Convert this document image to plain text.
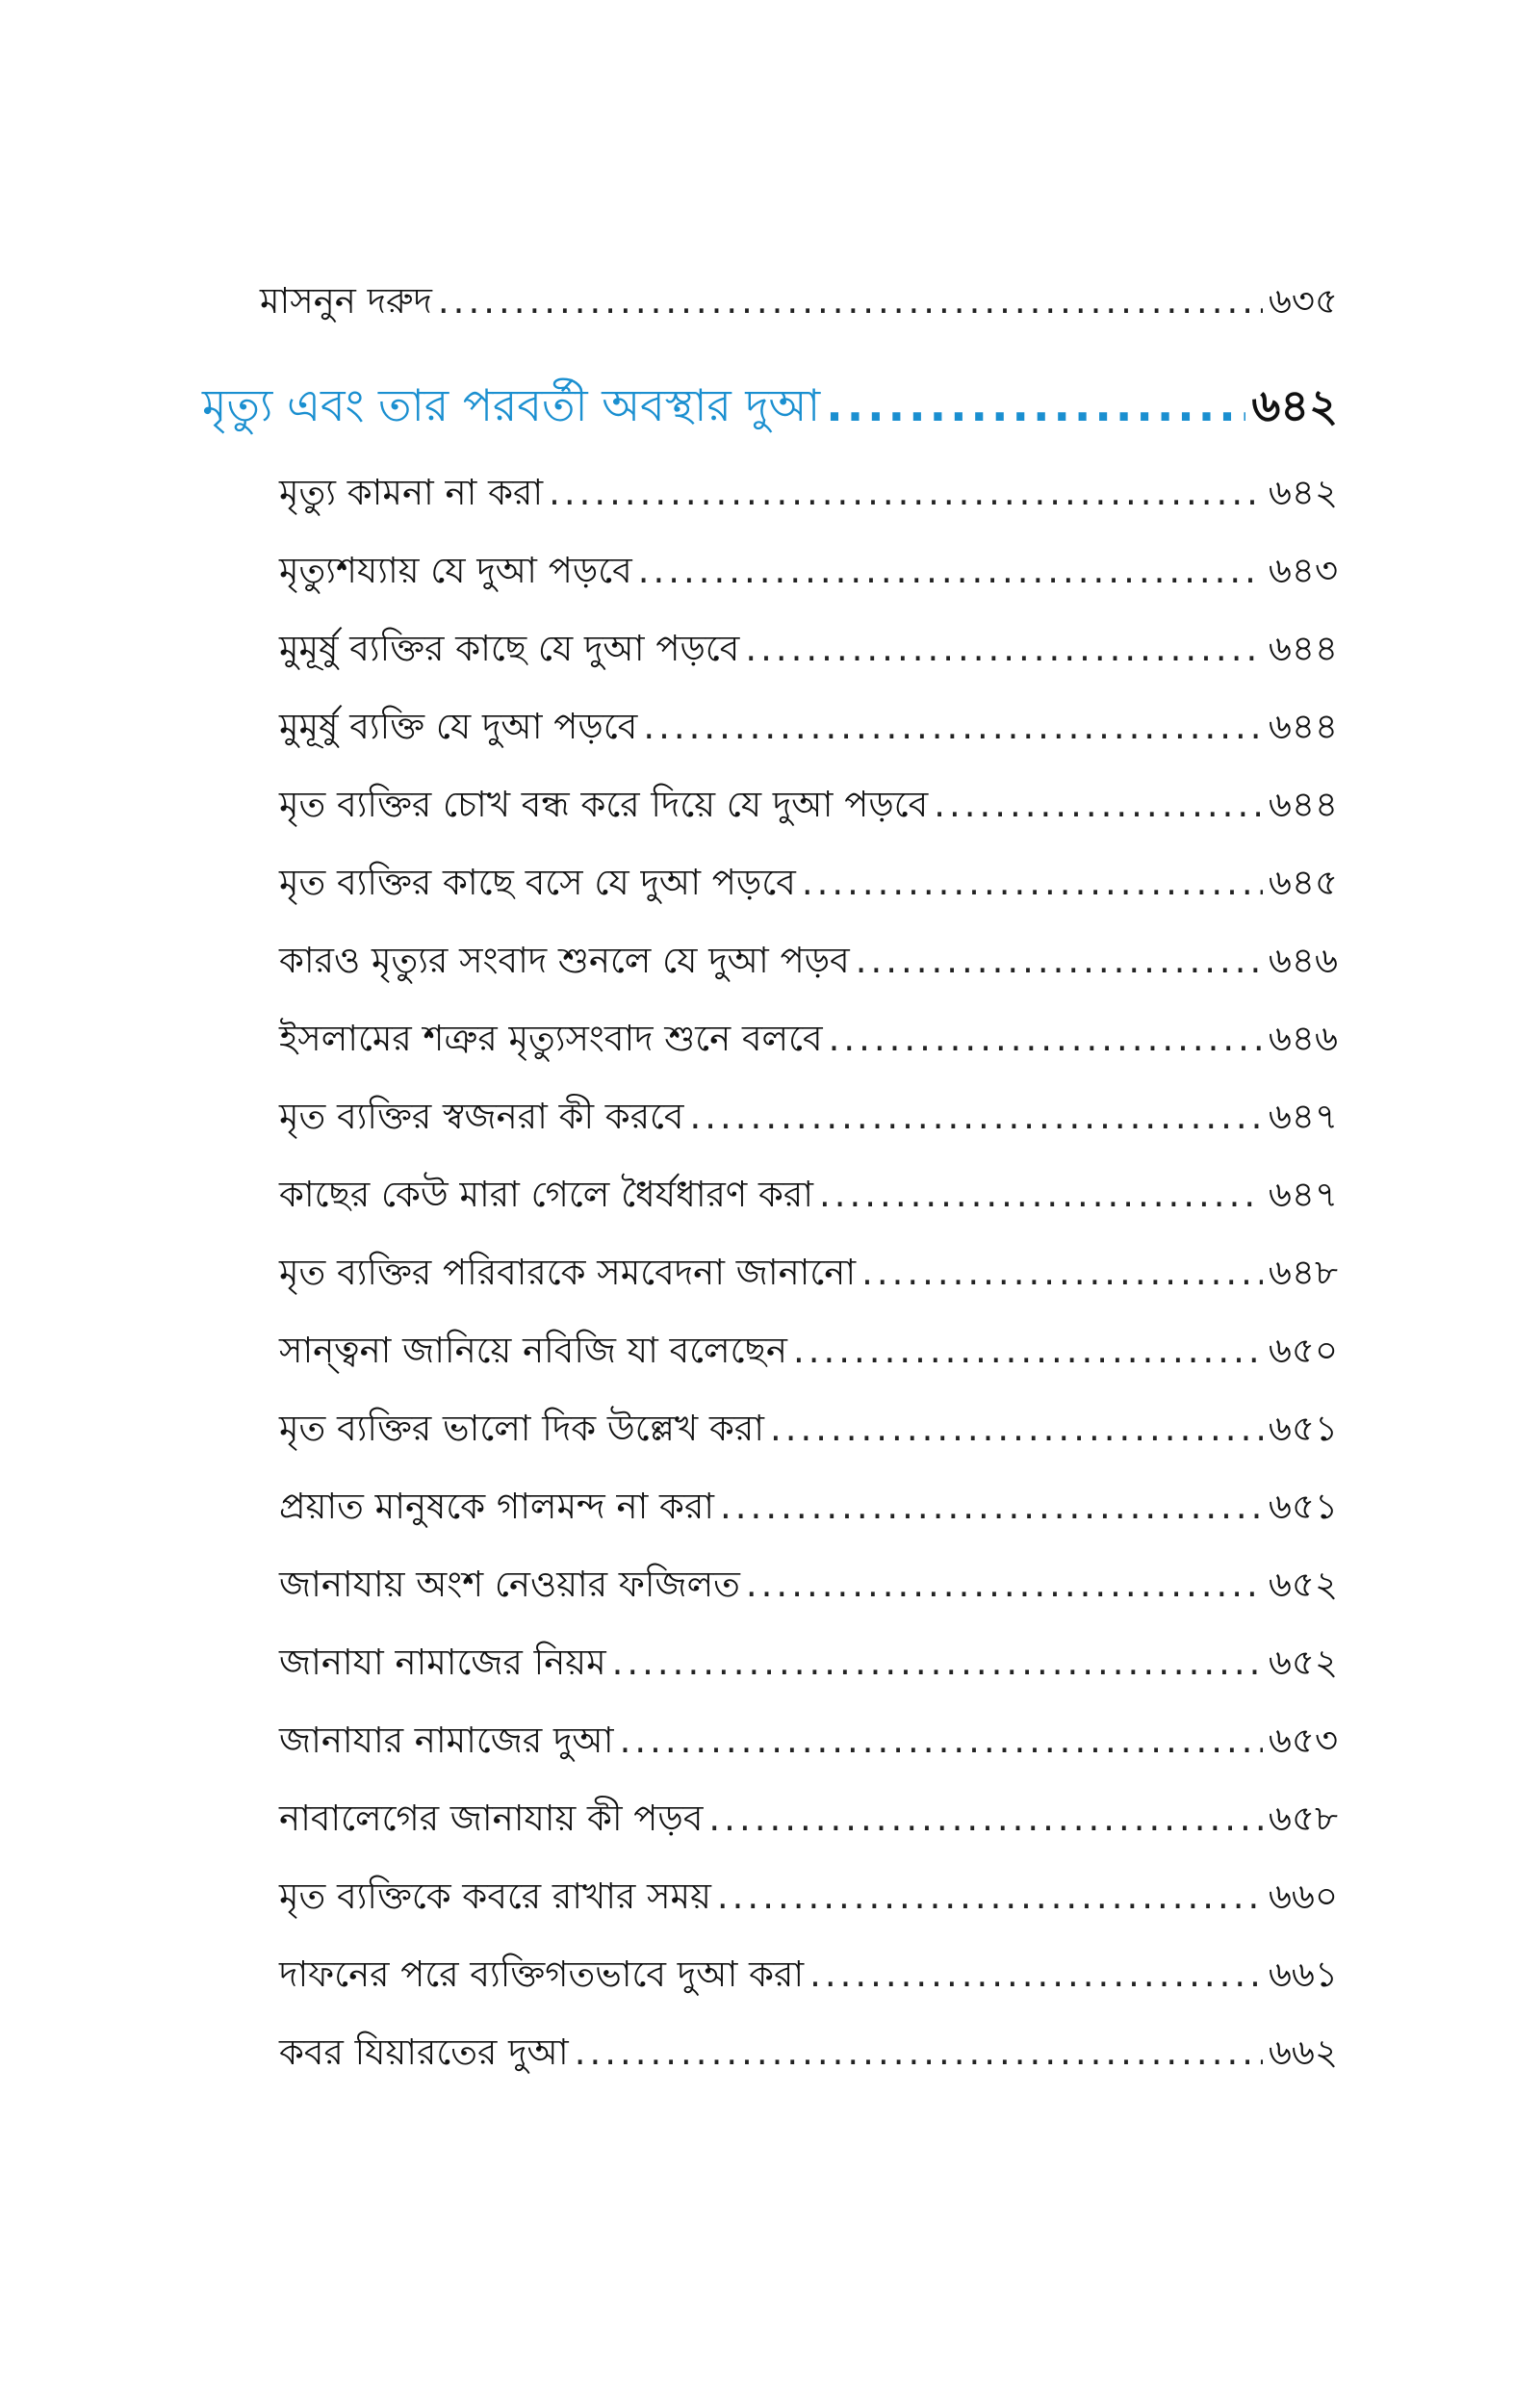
মাসনুন দরুদ .....	৬৩৫
মৃত্যু এবং তার পরবর্তী অবস্থার দুআ .....	৬৪২
মৃত্যু কামনা না করা .....	৬৪২
মৃত্যুশয্যায় যে দুআ পড়বে .....	৬৪৩
মুমূর্ষু ব্যক্তির কাছে যে দুআ পড়বে .....	৬৪৪
মুমূর্ষু ব্যক্তি যে দুআ পড়বে .....	৬৪৪
মৃত ব্যক্তির চোখ বন্ধ করে দিয়ে যে দুআ পড়বে .....	৬৪৪
মৃত ব্যক্তির কাছে বসে যে দুআ পড়বে .....	৬৪৫
কারও মৃত্যুর সংবাদ শুনলে যে দুআ পড়ব .....	৬৪৬
ইসলামের শত্রুর মৃত্যুসংবাদ শুনে বলবে .....	৬৪৬
মৃত ব্যক্তির স্বজনরা কী করবে .....	৬৪৭
কাছের কেউ মারা গেলে ধৈর্যধারণ করা .....	৬৪৭
মৃত ব্যক্তির পরিবারকে সমবেদনা জানানো .....	৬৪৮
সান্ত্বনা জানিয়ে নবিজি যা বলেছেন .....	৬৫০
মৃত ব্যক্তির ভালো দিক উল্লেখ করা .....	৬৫১
প্রয়াত মানুষকে গালমন্দ না করা .....	৬৫১
জানাযায় অংশ নেওয়ার ফজিলত .....	৬৫২
জানাযা নামাজের নিয়ম .....	৬৫২
জানাযার নামাজের দুআ .....	৬৫৩
নাবালেগের জানাযায় কী পড়ব .....	৬৫৮
মৃত ব্যক্তিকে কবরে রাখার সময় .....	৬৬০
দাফনের পরে ব্যক্তিগতভাবে দুআ করা .....	৬৬১
কবর যিয়ারতের দুআ .....	৬৬২
